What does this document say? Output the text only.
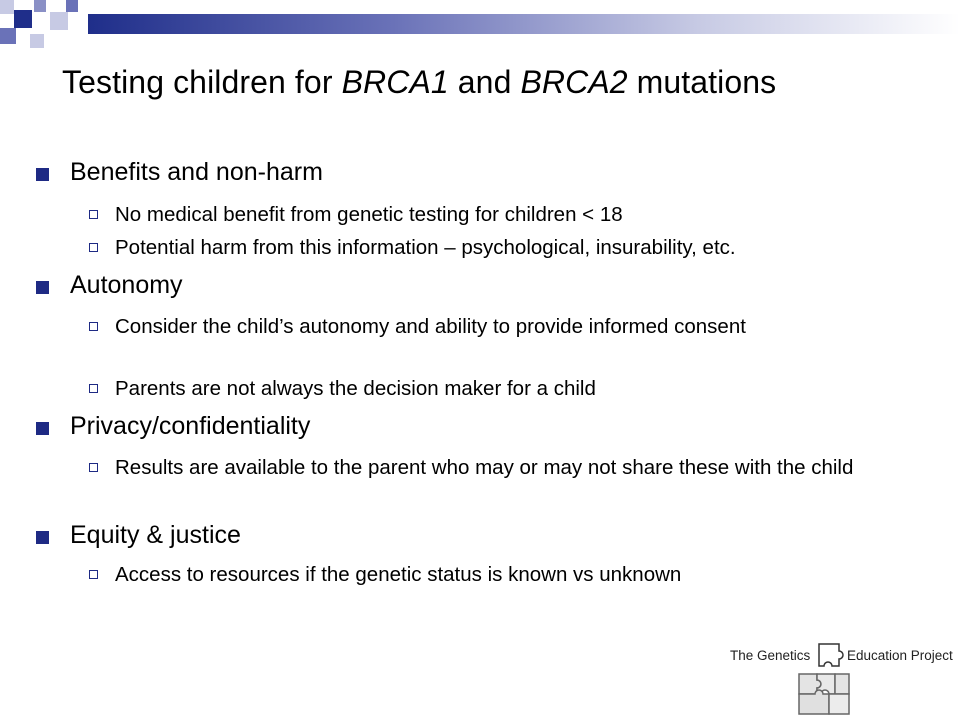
Testing children for BRCA1 and BRCA2 mutations
Benefits and non-harm
No medical benefit from genetic testing for children < 18
Potential harm from this information – psychological, insurability, etc.
Autonomy
Consider the child’s autonomy and ability to provide informed consent
Parents are not always the decision maker for a child
Privacy/confidentiality
Results are available to the parent who may or may not share these with the child
Equity & justice
Access to resources if the genetic status is known vs unknown
The Genetics	Education Project
